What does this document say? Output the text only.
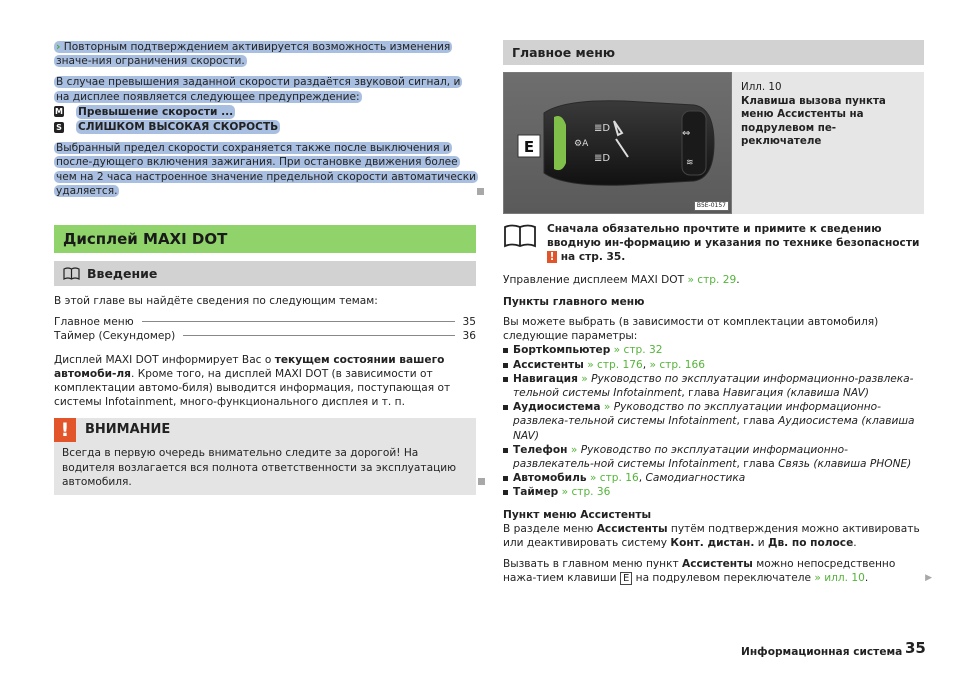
› Повторным подтверждением активируется возможность изменения значе-ния ограничения скорости.

В случае превышения заданной скорости раздаётся звуковой сигнал, и на дисплее появляется следующее предупреждение:

M Превышение скорости ...
S СЛИШКОМ ВЫСОКАЯ СКОРОСТЬ

Выбранный предел скорости сохраняется также после выключения и после-дующего включения зажигания. При остановке движения более чем на 2 часа настроенное значение предельной скорости автоматически удаляется.

Дисплей MAXI DOT
Введение

В этой главе вы найдёте сведения по следующим темам:

Главное меню	35
Таймер (Секундомер)	36

Дисплей MAXI DOT информирует Вас о текущем состоянии вашего автомоби-ля. Кроме того, на дисплей MAXI DOT (в зависимости от комплектации автомо-биля) выводится информация, поступающая от системы Infotainment, много-функционального дисплея и т. п.

!	ВНИМАНИЕ

Всегда в первую очередь внимательно следите за дорогой! На водителя возлагается вся полнота ответственности за эксплуатацию автомобиля.

Главное меню
≣D
≣D
⚙A
⇔
≋
E
B5E-0157
Илл. 10
Клавиша вызова пункта меню Ассистенты на подрулевом пе-реключателе

Сначала обязательно прочтите и примите к сведению вводную ин-формацию и указания по технике безопасности ! на стр. 35.

Управление дисплеем MAXI DOT » стр. 29.

Пункты главного меню

Вы можете выбрать (в зависимости от комплектации автомобиля) следующие параметры:

Бортkомпьютер » стр. 32
Ассистенты » стр. 176, » стр. 166
Навигация » Руководство по эксплуатации информационно-развлека-тельной системы Infotainment, глава Навигация (клавиша NAV)
Аудиосистема » Руководство по эксплуатации информационно-развлека-тельной системы Infotainment, глава Аудиосистема (клавиша NAV)
Телефон » Руководство по эксплуатации информационно-развлекатель-ной системы Infotainment, глава Связь (клавиша PHONE)
Автомобиль » стр. 16, Самодиагностика
Таймер » стр. 36

Пункт меню Ассистенты

В разделе меню Ассистенты путём подтверждения можно активировать или деактивировать систему Конт. дистан. и Дв. по полосе.

Вызвать в главном меню пункт Ассистенты можно непосредственно нажа-тием клавиши E на подрулевом переключателе » илл. 10.	▶

Информационная система 35
